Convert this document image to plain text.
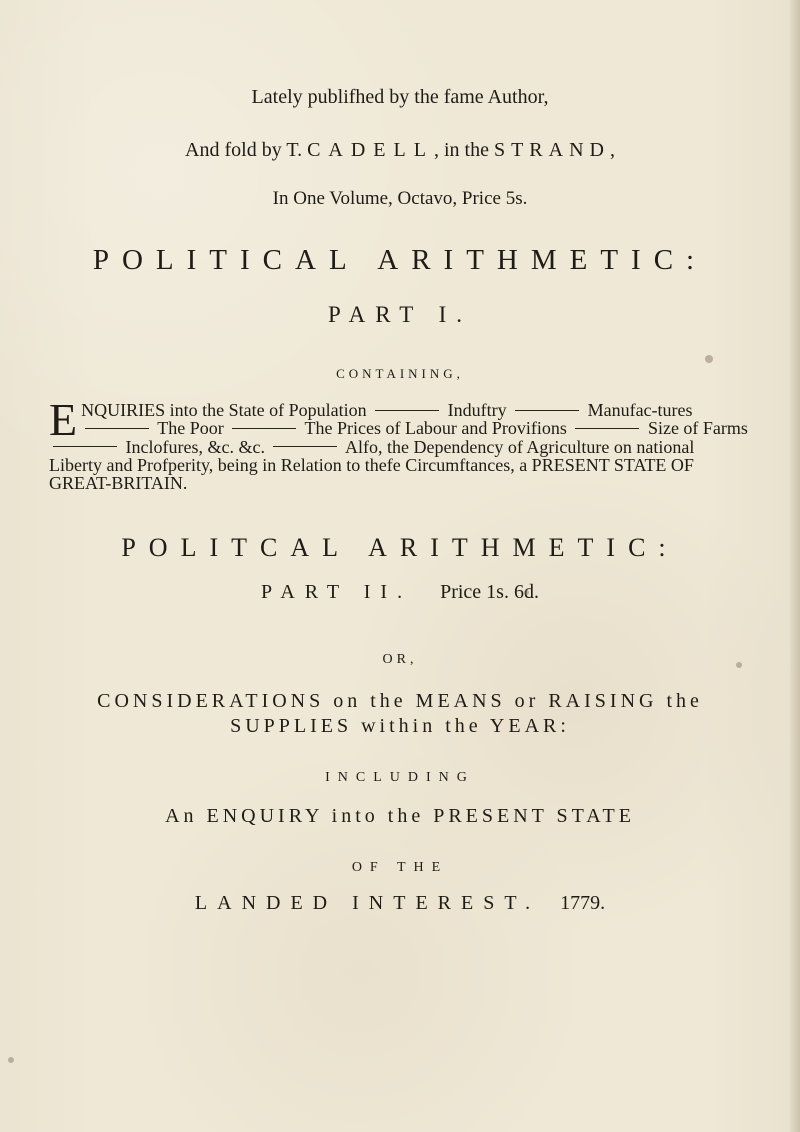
Lately publifhed by the fame Author,
And fold by T. CADELL, in the STRAND,
In One Volume, Octavo, Price 5s.
POLITICAL ARITHMETIC:
PART I.
CONTAINING,
E NQUIRIES into the State of Population	Induftry	Manufac-tures  The Poor	The Prices of Labour and Provifions	Size of Farms  Inclofures, &c. &c.	Alfo, the Dependency of Agriculture on national Liberty and Profperity, being in Relation to thefe Circumftances, a PRESENT STATE OF GREAT-BRITAIN.
POLITCAL ARITHMETIC:
PART II. Price 1s. 6d.
OR,
CONSIDERATIONS on the MEANS or RAISING the
SUPPLIES within the YEAR:
INCLUDING
An ENQUIRY into the PRESENT STATE
OF THE
LANDED INTEREST. 1779.
